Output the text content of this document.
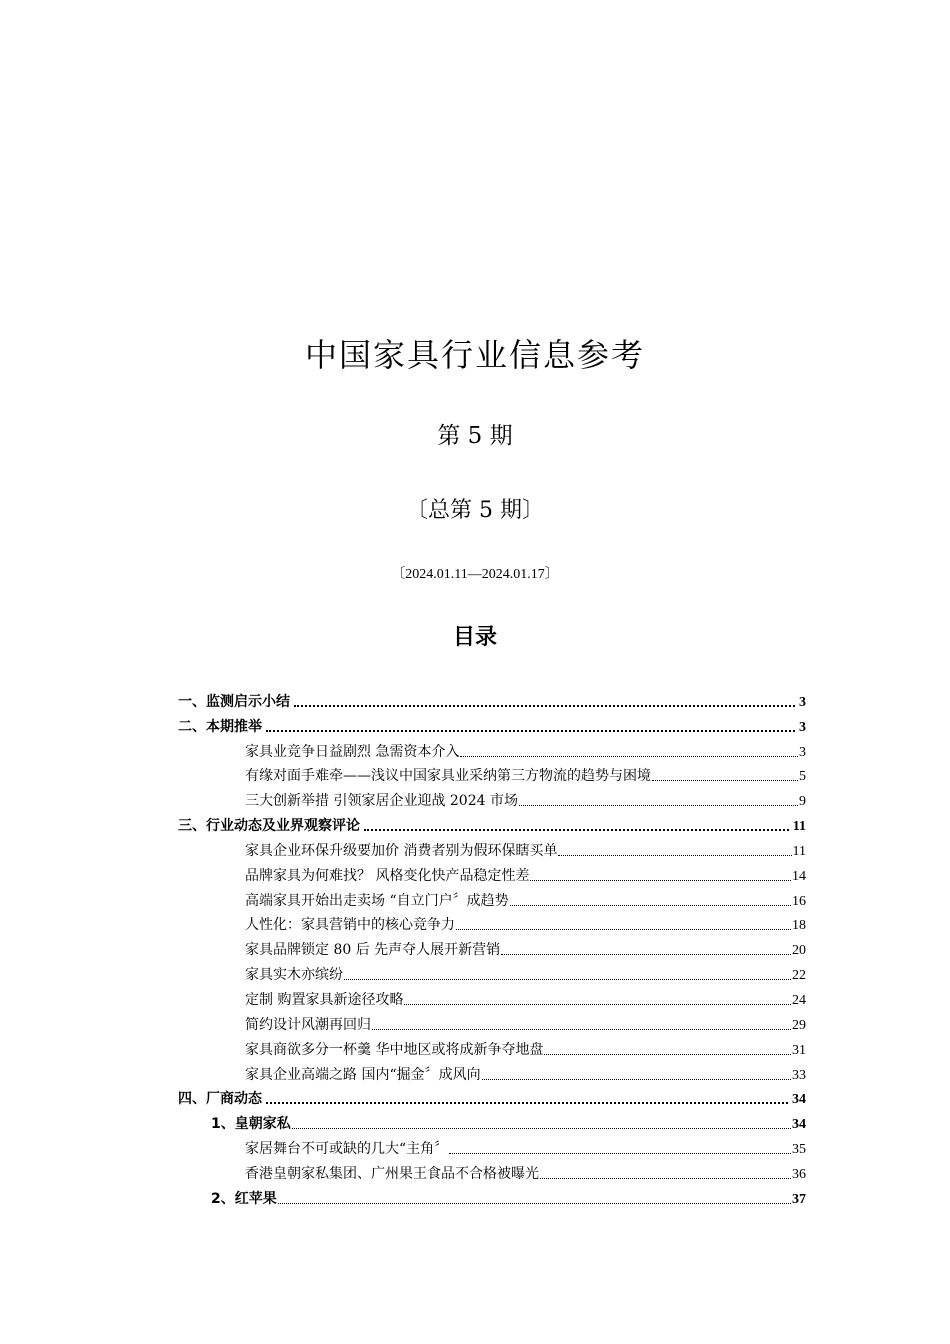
中国家具行业信息参考
第 5 期
〔总第 5 期〕
〔2024.01.11—2024.01.17〕
目录
一、监测启示小结	3
二、本期推举	3
家具业竞争日益剧烈 急需资本介入	3
有缘对面手难牵——浅议中国家具业采纳第三方物流的趋势与困境	5
三大创新举措 引领家居企业迎战 2024 市场	9
三、行业动态及业界观察评论	11
家具企业环保升级要加价 消费者别为假环保瞎买单	11
品牌家具为何难找？ 风格变化快产品稳定性差	14
高端家具开始出走卖场 “自立门户〞成趋势	16
人性化：家具营销中的核心竞争力	18
家具品牌锁定 80 后 先声夺人展开新营销	20
家具实木亦缤纷	22
定制 购置家具新途径攻略	24
简约设计风潮再回归	29
家具商欲多分一杯羹 华中地区或将成新争夺地盘	31
家具企业高端之路 国内“掘金〞成风向	33
四、厂商动态	34
1、皇朝家私	34
家居舞台不可或缺的几大“主角〞	35
香港皇朝家私集团、广州果王食品不合格被曝光	36
2、红苹果	37
